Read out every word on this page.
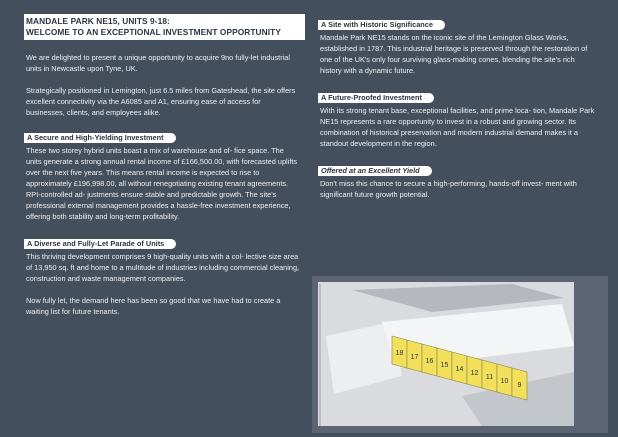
MANDALE PARK NE15, UNITS 9-18:
WELCOME TO AN EXCEPTIONAL INVESTMENT OPPORTUNITY

We are delighted to present a unique opportunity to acquire 9no fully-let industrial units in Newcastle upon Tyne, UK.

Strategically positioned in Lemington, just 6.5 miles from Gateshead, the site offers excellent connectivity via the A6085 and A1, ensuring ease of access for businesses, clients, and employees alike.

A Secure and High-Yielding Investment

These two storey hybrid units boast a mix of warehouse and of- fice space. The units generate a strong annual rental income of £166,500.00, with forecasted uplifts over the next five years. This means rental income is expected to rise to approximately £196,998.00, all without renegotiating existing tenant agreements. RPI-controlled ad- justments ensure stable and predictable growth. The site's professional external management provides a hassle-free investment experience, offering both stability and long-term profitability.

A Diverse and Fully-Let Parade of Units

This thriving development comprises 9 high-quality units with a col- lective size area of 13,950 sq. ft and home to a multitude of industries including commercial cleaning, construction and waste management companies.

Now fully let, the demand here has been so good that we have had to create a waiting list for future tenants.

A Site with Historic Significance

Mandale Park NE15 stands on the iconic site of the Lemington Glass Works, established in 1787. This industrial heritage is preserved through the restoration of one of the UK's only four surviving glass-making cones, blending the site's rich history with a dynamic future.

A Future-Proofed Investment

With its strong tenant base, exceptional facilities, and prime loca- tion, Mandale Park NE15 represents a rare opportunity to invest in a robust and growing sector. Its combination of historical preservation and modern industrial demand makes it a standout development in the region.

Offered at an Excellent Yield

Don't miss this chance to secure a high-performing, hands-off invest- ment with significant future growth potential.

18
17
16
15
14
12
11
10
9
